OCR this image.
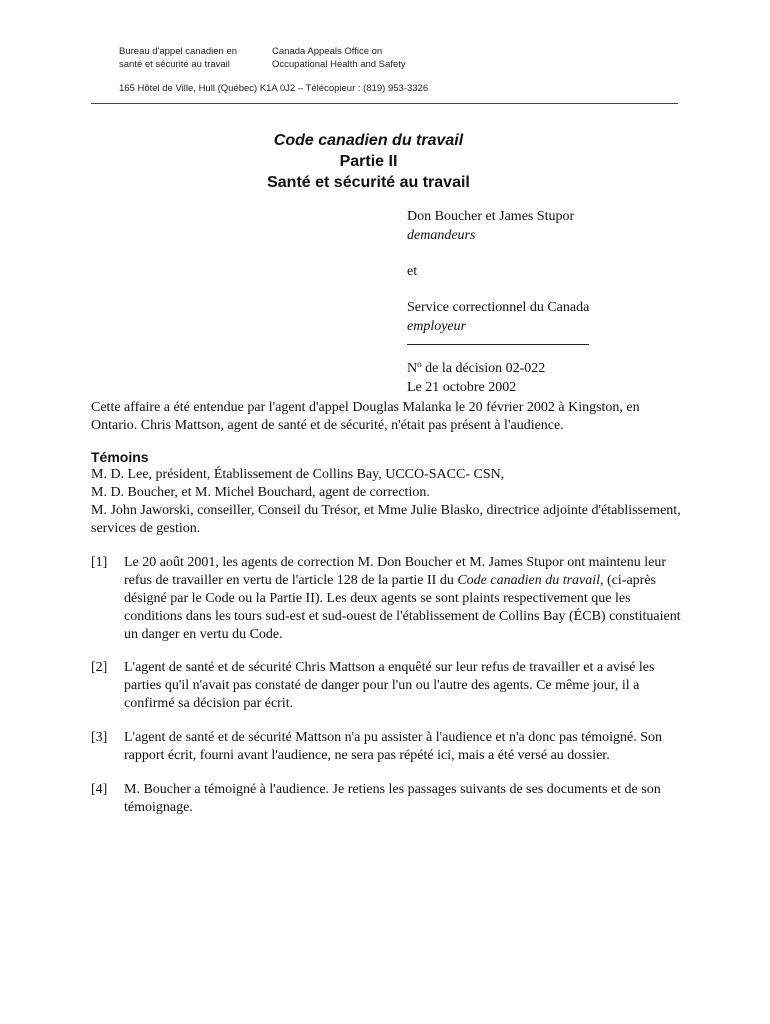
Bureau d'appel canadien en
santé et sécurité au travail
Canada Appeals Office on
Occupational Health and Safety
165 Hôtel de Ville, Hull (Québec) K1A 0J2 – Télécopieur : (819) 953-3326
Code canadien du travail
Partie II
Santé et sécurité au travail
Don Boucher et James Stupor
demandeurs
et
Service correctionnel du Canada
employeur
$N^o$ de la décision 02-022
Le 21 octobre 2002
Cette affaire a été entendue par l'agent d'appel Douglas Malanka le 20 février 2002 à Kingston, en Ontario. Chris Mattson, agent de santé et de sécurité, n'était pas présent à l'audience.
Témoins
M. D. Lee, président, Établissement de Collins Bay, UCCO-SACC- CSN,
M. D. Boucher, et M. Michel Bouchard, agent de correction.
M. John Jaworski, conseiller, Conseil du Trésor, et Mme Julie Blasko, directrice adjointe d'établissement, services de gestion.
[1] Le 20 août 2001, les agents de correction M. Don Boucher et M. James Stupor ont maintenu leur refus de travailler en vertu de l'article 128 de la partie II du Code canadien du travail, (ci-après désigné par le Code ou la Partie II). Les deux agents se sont plaints respectivement que les conditions dans les tours sud-est et sud-ouest de l'établissement de Collins Bay (ÉCB) constituaient un danger en vertu du Code.
[2] L'agent de santé et de sécurité Chris Mattson a enquêté sur leur refus de travailler et a avisé les parties qu'il n'avait pas constaté de danger pour l'un ou l'autre des agents. Ce même jour, il a confirmé sa décision par écrit.
[3] L'agent de santé et de sécurité Mattson n'a pu assister à l'audience et n'a donc pas témoigné. Son rapport écrit, fourni avant l'audience, ne sera pas répété ici, mais a été versé au dossier.
[4] M. Boucher a témoigné à l'audience. Je retiens les passages suivants de ses documents et de son témoignage.
